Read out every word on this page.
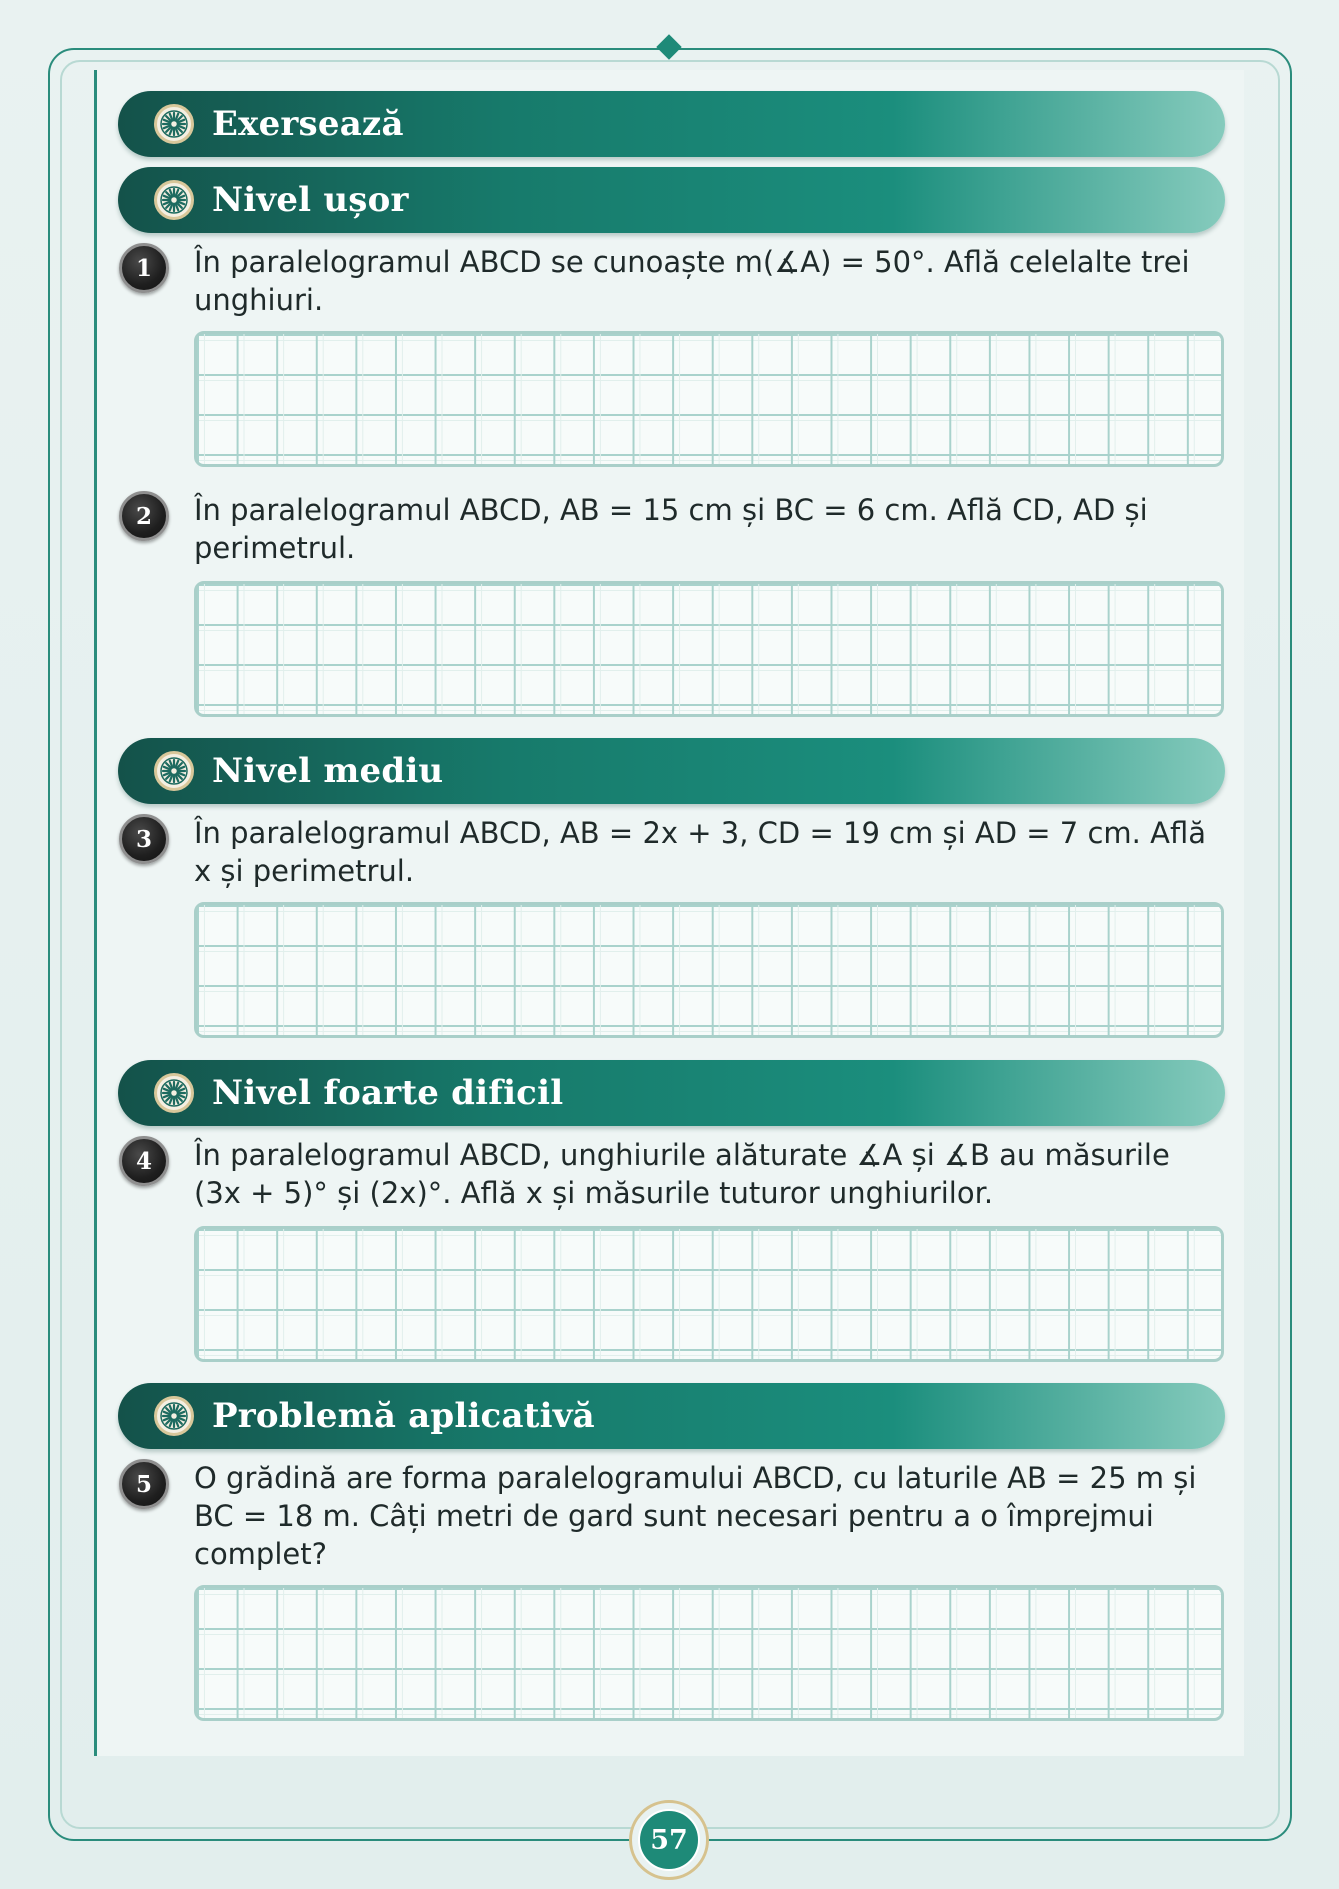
Exersează
Nivel ușor
1	În paralelogramul ABCD se cunoaște m(∡A) = 50°. Află celelalte trei unghiuri.
2	În paralelogramul ABCD, AB = 15 cm și BC = 6 cm. Află CD, AD și perimetrul.
Nivel mediu
3	În paralelogramul ABCD, AB = 2x + 3, CD = 19 cm și AD = 7 cm. Află x și perimetrul.
Nivel foarte dificil
4	În paralelogramul ABCD, unghiurile alăturate ∡A și ∡B au măsurile (3x + 5)° și (2x)°. Află x și măsurile tuturor unghiurilor.
Problemă aplicativă
5	O grădină are forma paralelogramului ABCD, cu laturile AB = 25 m și BC = 18 m. Câți metri de gard sunt necesari pentru a o împrejmui complet?
57
